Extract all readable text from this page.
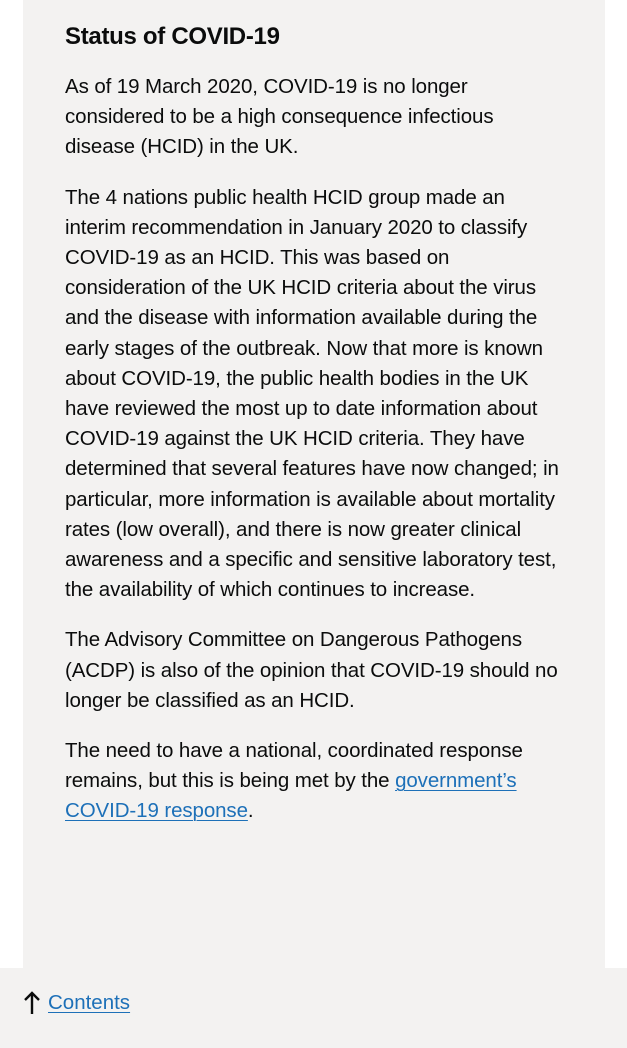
Status of COVID-19

As of 19 March 2020, COVID-19 is no longer considered to be a high consequence infectious disease (HCID) in the UK.

The 4 nations public health HCID group made an interim recommendation in January 2020 to classify COVID-19 as an HCID. This was based on consideration of the UK HCID criteria about the virus and the disease with information available during the early stages of the outbreak. Now that more is known about COVID-19, the public health bodies in the UK have reviewed the most up to date information about COVID-19 against the UK HCID criteria. They have determined that several features have now changed; in particular, more information is available about mortality rates (low overall), and there is now greater clinical awareness and a specific and sensitive laboratory test, the availability of which continues to increase.

The Advisory Committee on Dangerous Pathogens (ACDP) is also of the opinion that COVID-19 should no longer be classified as an HCID.

The need to have a national, coordinated response remains, but this is being met by the government’s COVID-19 response.

Contents
